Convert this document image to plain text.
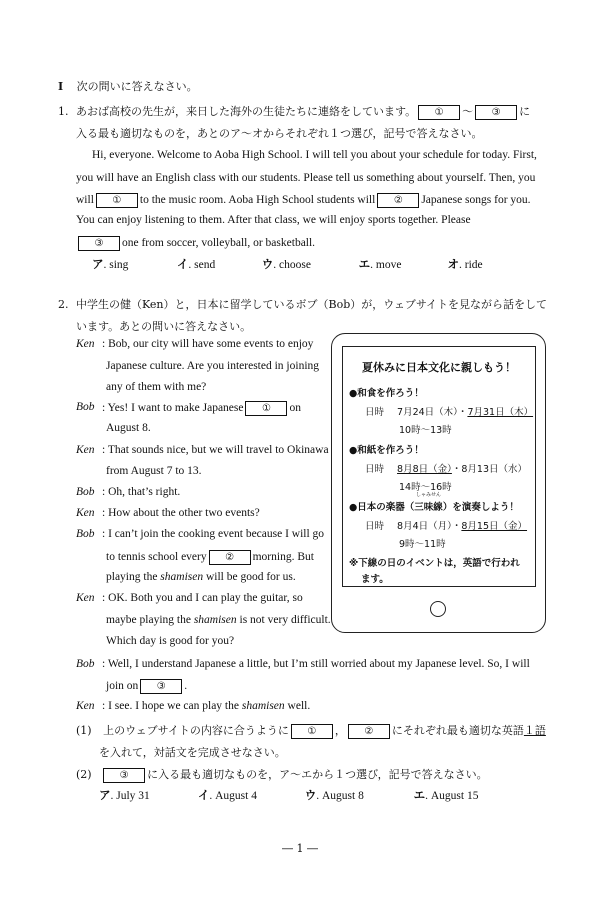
Ⅰ 次の問いに答えなさい。
1. あおば高校の先生が，来日した海外の生徒たちに連絡をしています。 ① ～ ③ に
入る最も適切なものを，あとのア～オからそれぞれ１つ選び，記号で答えなさい。
Hi, everyone. Welcome to Aoba High School. I will tell you about your schedule for today. First,
you will have an English class with our students. Please tell us something about yourself. Then, you
will ① to the music room. Aoba High School students will ② Japanese songs for you.
You can enjoy listening to them. After that class, we will enjoy sports together. Please
③ one from soccer, volleyball, or basketball.
ア. sing	イ. send	ウ. choose	エ. move	オ. ride
2. 中学生の健（Ken）と，日本に留学しているボブ（Bob）が，ウェブサイトを見ながら話をして
います。あとの問いに答えなさい。
Ken : Bob, our city will have some events to enjoy
Japanese culture. Are you interested in joining
any of them with me?
Bob : Yes! I want to make Japanese ① on
August 8.
Ken : That sounds nice, but we will travel to Okinawa
from August 7 to 13.
Bob : Oh, that’s right.
Ken : How about the other two events?
Bob : I can’t join the cooking event because I will go
to tennis school every ② morning. But
playing the shamisen will be good for us.
Ken : OK. Both you and I can play the guitar, so
maybe playing the shamisen is not very difficult.
Which day is good for you?
Bob : Well, I understand Japanese a little, but I’m still worried about my Japanese level. So, I will
join on ③ .
Ken : I see. I hope we can play the shamisen well.
夏休みに日本文化に親しもう！
●和食を作ろう！
日時 7月24日（木）・7月31日（木）
10時～13時
●和紙を作ろう！
日時 8月8日（金）・8月13日（水）
14時～16時
●日本の楽器（
しゃみせん
三味線）を演奏しよう！
日時 8月4日（月）・8月15日（金）
9時～11時
※下線の日のイベントは，英語で行われ
ます。
(1) 上のウェブサイトの内容に合うように ① ， ② にそれぞれ最も適切な英語１語
を入れて，対話文を完成させなさい。
(2)	③ に入る最も適切なものを，ア～エから１つ選び，記号で答えなさい。
ア. July 31	イ. August 4	ウ. August 8	エ. August 15
― 1 ―
